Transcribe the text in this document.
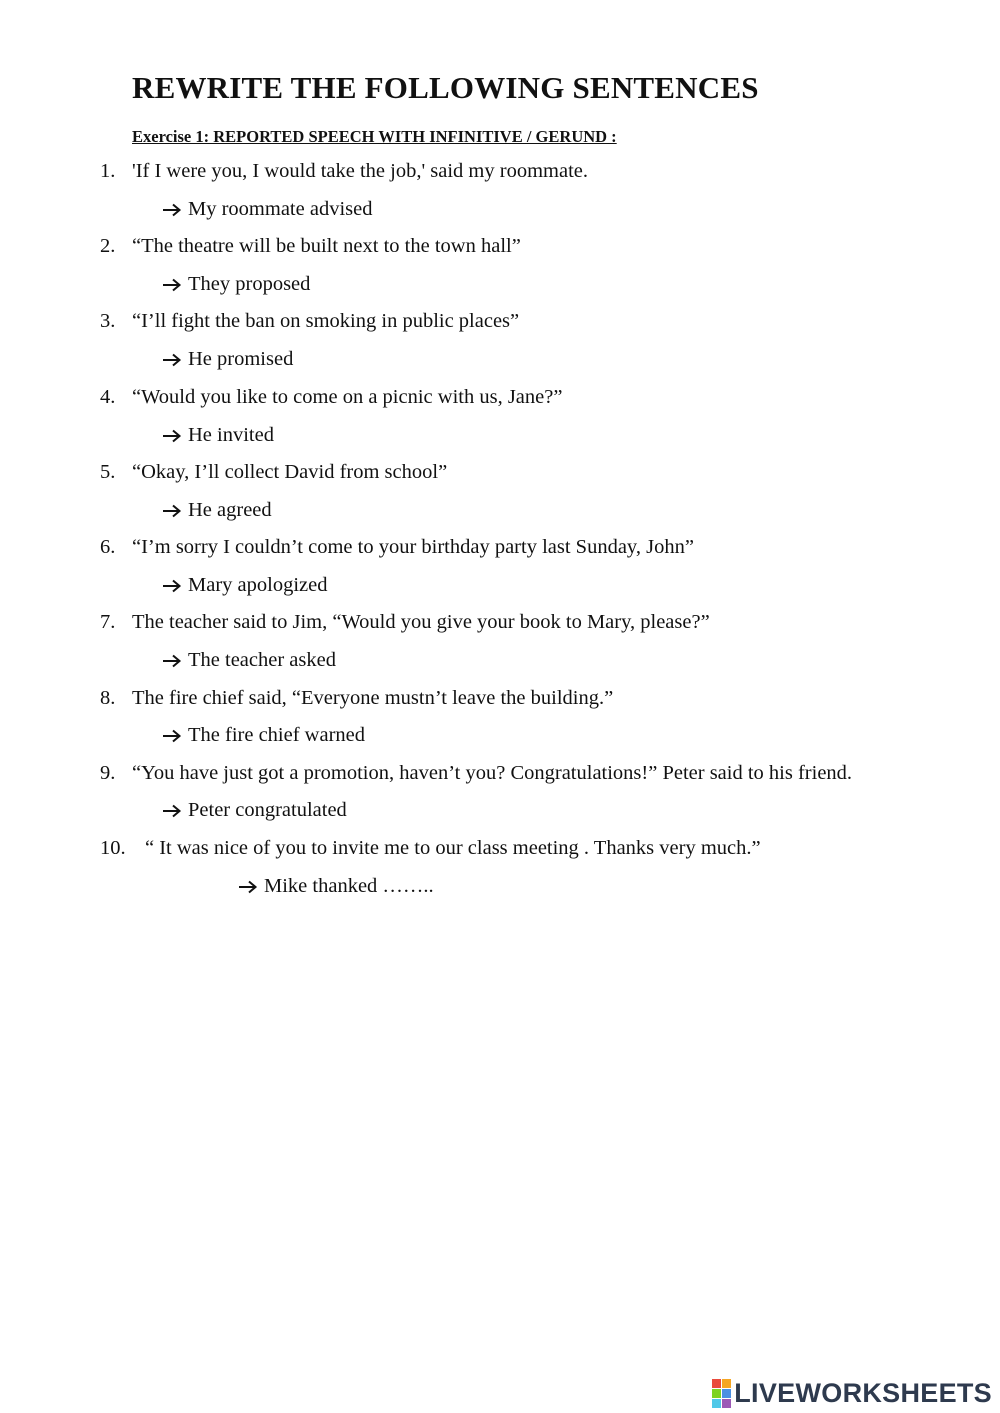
REWRITE THE FOLLOWING SENTENCES
Exercise 1: REPORTED SPEECH WITH INFINITIVE / GERUND :
1. 'If I were you, I would take the job,' said my roommate.
My roommate advised
2. “The theatre will be built next to the town hall”
They proposed
3. “I’ll fight the ban on smoking in public places”
He promised
4. “Would you like to come on a picnic with us, Jane?”
He invited
5. “Okay, I’ll collect David from school”
He agreed
6. “I’m sorry I couldn’t come to your birthday party last Sunday, John”
Mary apologized
7. The teacher said to Jim, “Would you give your book to Mary, please?”
The teacher asked
8. The fire chief said, “Everyone mustn’t leave the building.”
The fire chief warned
9. “You have just got a promotion, haven’t you? Congratulations!” Peter said to his friend.
Peter congratulated
10. “ It was nice of you to invite me to our class meeting . Thanks very much.”
Mike thanked ……..
LIVEWORKSHEETS
